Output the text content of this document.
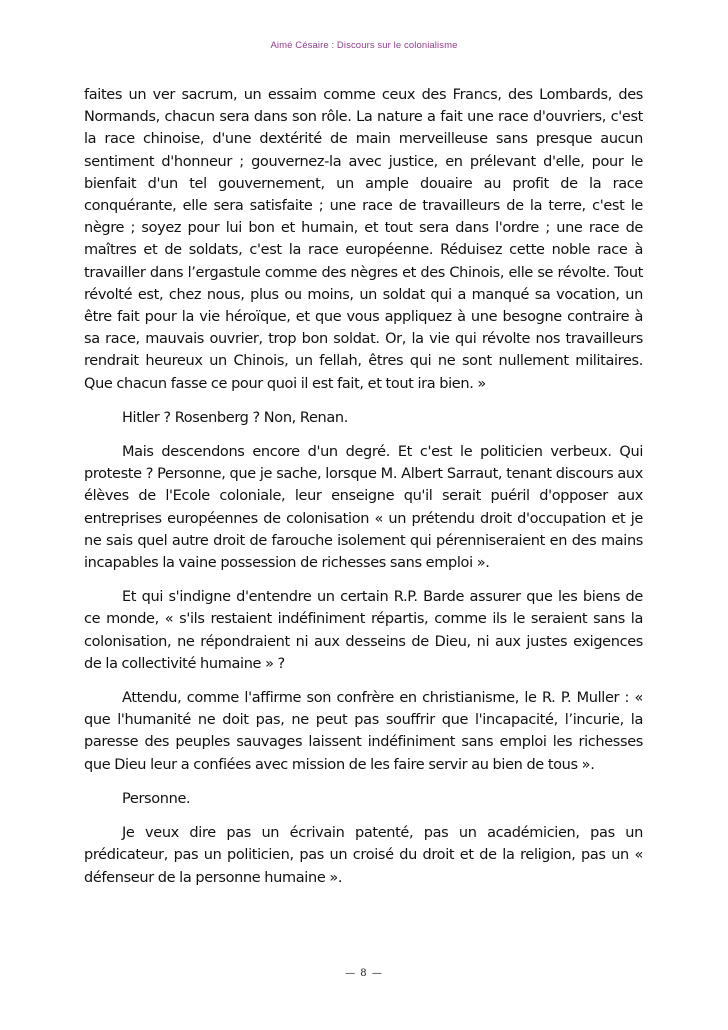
Aimé Césaire : Discours sur le colonialisme

faites un ver sacrum, un essaim comme ceux des Francs, des Lombards, des Normands, chacun sera dans son rôle. La nature a fait une race d'ouvriers, c'est la race chinoise, d'une dextérité de main merveilleuse sans presque aucun sentiment d'honneur ; gouvernez-la avec justice, en prélevant d'elle, pour le bienfait d'un tel gouvernement, un ample douaire au profit de la race conquérante, elle sera satisfaite ; une race de travailleurs de la terre, c'est le nègre ; soyez pour lui bon et humain, et tout sera dans l'ordre ; une race de maîtres et de soldats, c'est la race européenne. Réduisez cette noble race à travailler dans l’ergastule comme des nègres et des Chinois, elle se révolte. Tout révolté est, chez nous, plus ou moins, un soldat qui a manqué sa vocation, un être fait pour la vie héroïque, et que vous appliquez à une besogne contraire à sa race, mauvais ouvrier, trop bon soldat. Or, la vie qui révolte nos travailleurs rendrait heureux un Chinois, un fellah, êtres qui ne sont nullement militaires. Que chacun fasse ce pour quoi il est fait, et tout ira bien. »

Hitler ? Rosenberg ? Non, Renan.

Mais descendons encore d'un degré. Et c'est le politicien verbeux. Qui proteste ? Personne, que je sache, lorsque M. Albert Sarraut, tenant discours aux élèves de l'Ecole coloniale, leur enseigne qu'il serait puéril d'opposer aux entreprises européennes de colonisation « un prétendu droit d'occupation et je ne sais quel autre droit de farouche isolement qui pérenniseraient en des mains incapables la vaine possession de richesses sans emploi ».

Et qui s'indigne d'entendre un certain R.P. Barde assurer que les biens de ce monde, « s'ils restaient indéfiniment répartis, comme ils le seraient sans la colonisation, ne répondraient ni aux desseins de Dieu, ni aux justes exigences de la collectivité humaine » ?

Attendu, comme l'affirme son confrère en christianisme, le R. P. Muller : « que l'humanité ne doit pas, ne peut pas souffrir que l'incapacité, l’incurie, la paresse des peuples sauvages laissent indéfiniment sans emploi les richesses que Dieu leur a confiées avec mission de les faire servir au bien de tous ».

Personne.

Je veux dire pas un écrivain patenté, pas un académicien, pas un prédicateur, pas un politicien, pas un croisé du droit et de la religion, pas un « défenseur de la personne humaine ».

— 8 —
